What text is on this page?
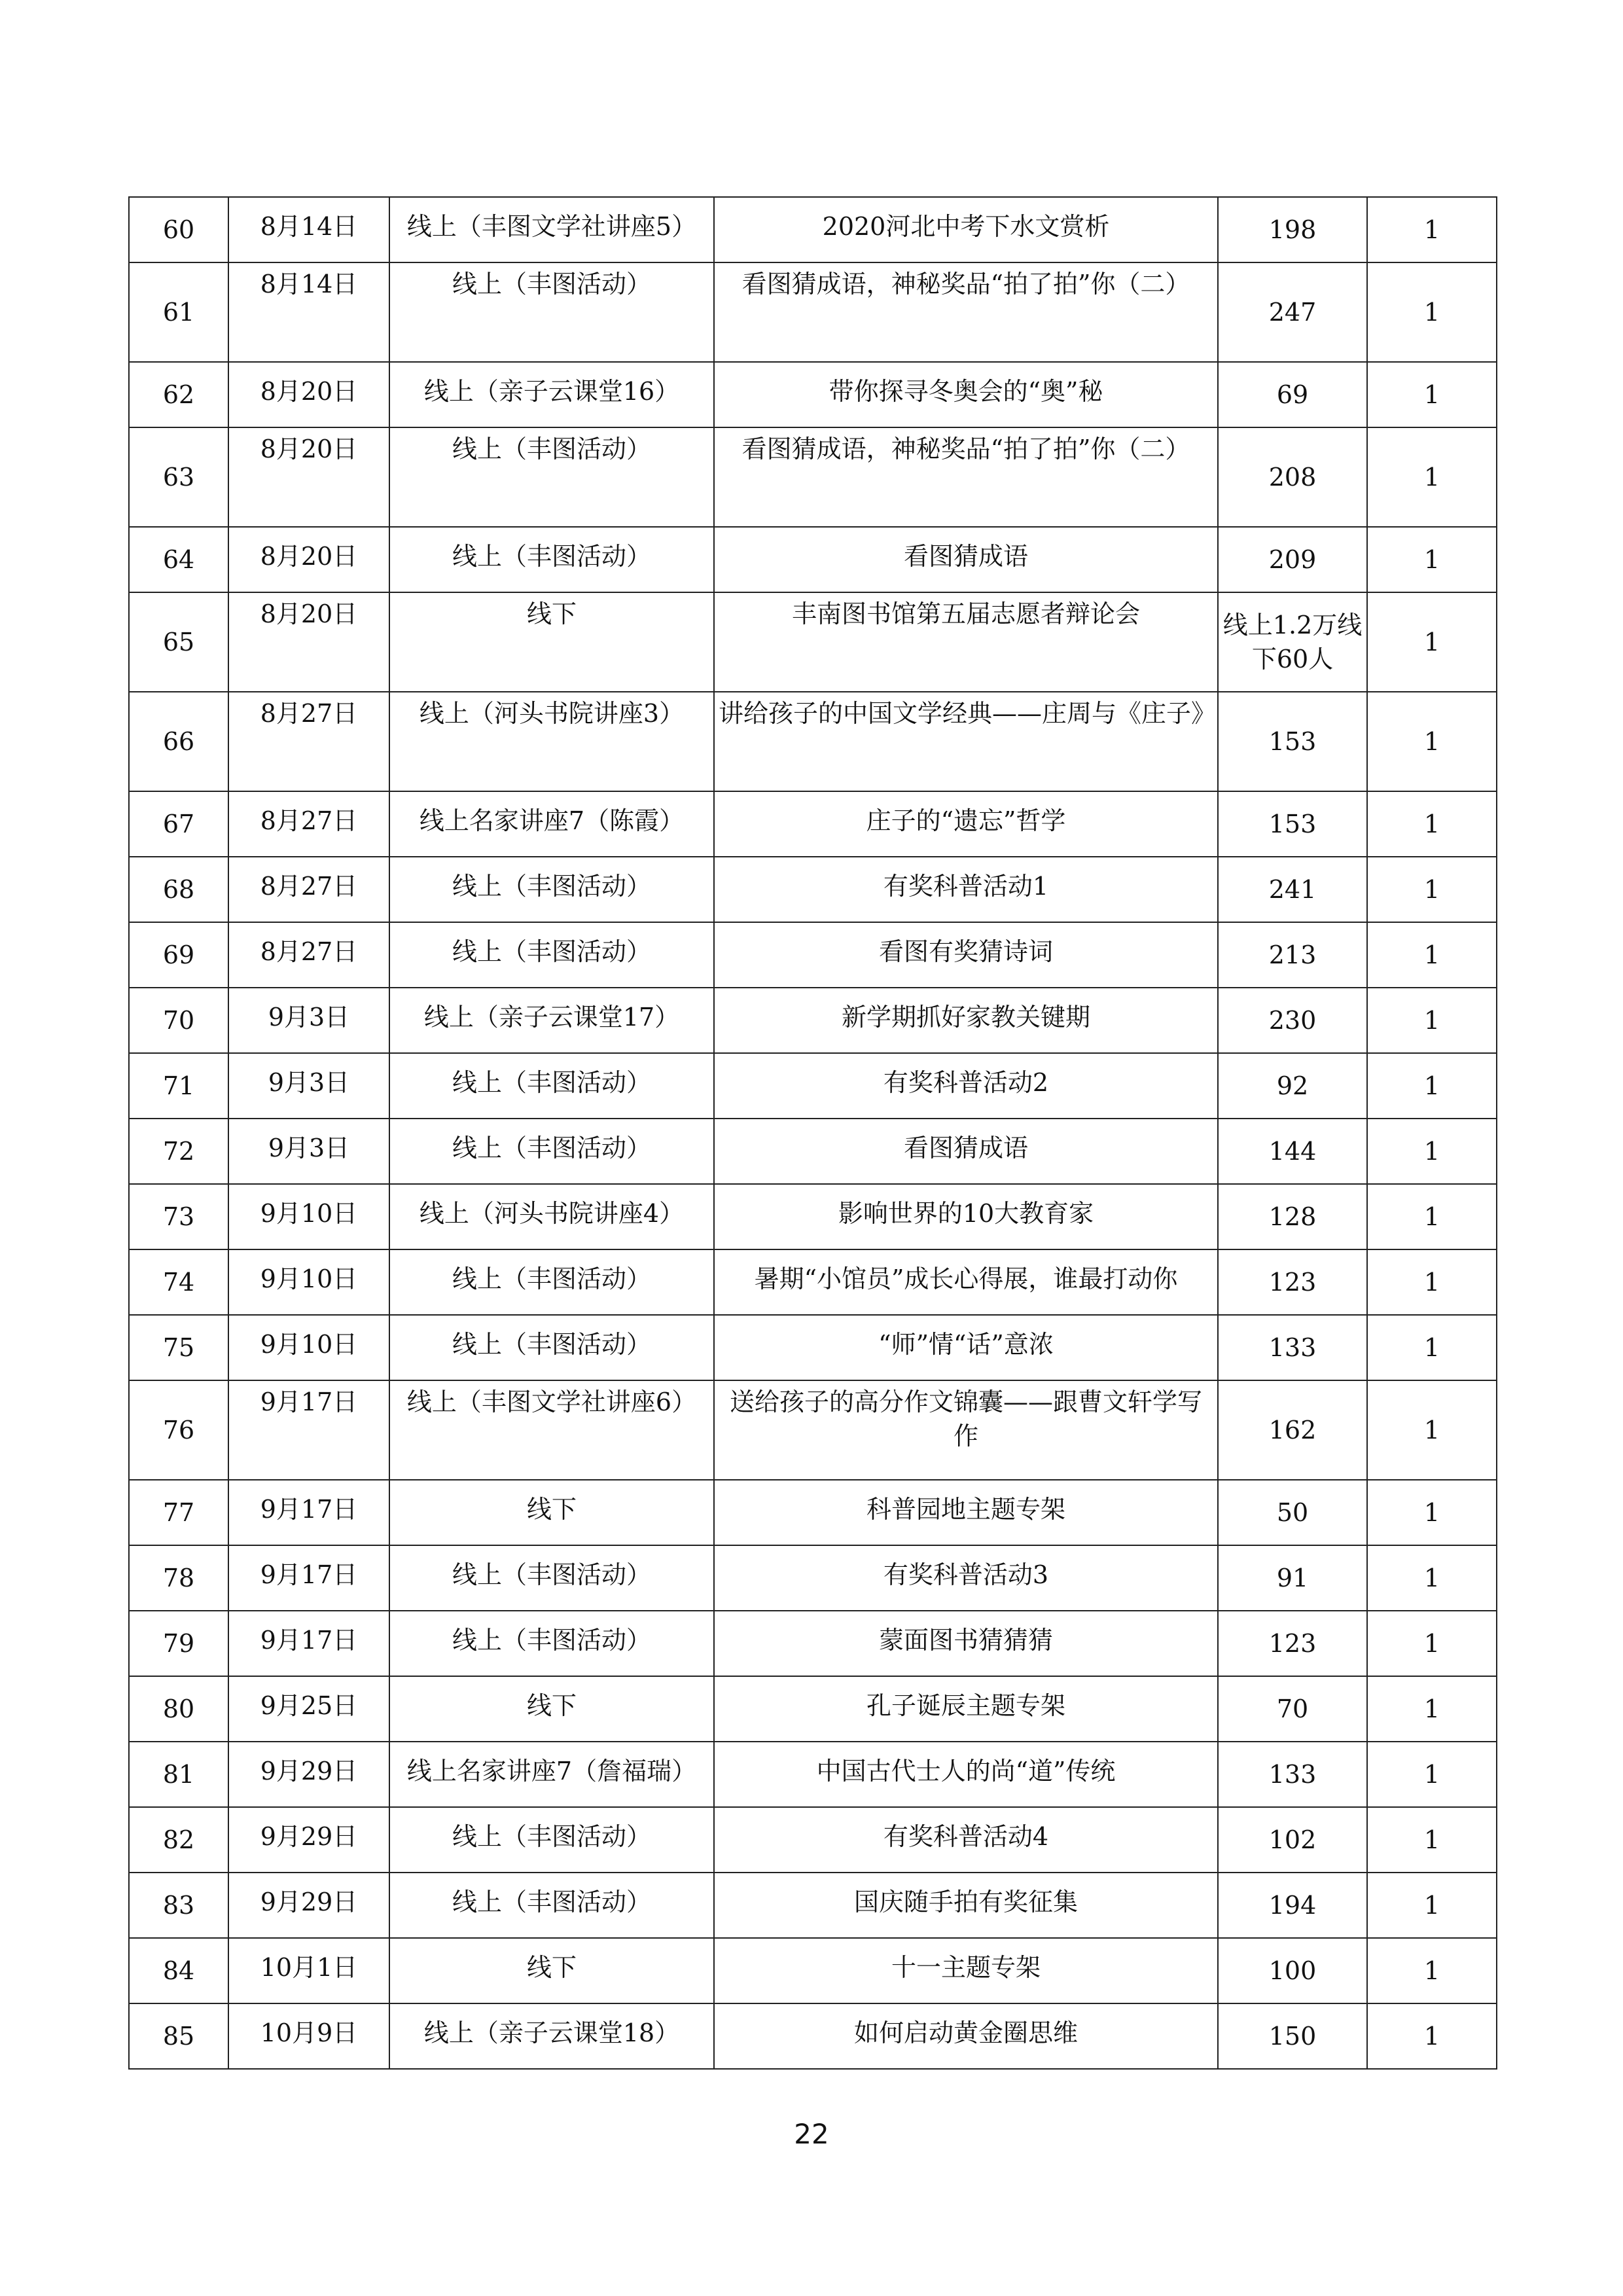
60	8月14日	线上（丰图文学社讲座5）	2020河北中考下水文赏析	198	1
61	8月14日	线上（丰图活动）	看图猜成语，神秘奖品“拍了拍”你（二）	247	1
62	8月20日	线上（亲子云课堂16）	带你探寻冬奥会的“奥”秘	69	1
63	8月20日	线上（丰图活动）	看图猜成语，神秘奖品“拍了拍”你（二）	208	1
64	8月20日	线上（丰图活动）	看图猜成语	209	1
65	8月20日	线下	丰南图书馆第五届志愿者辩论会	线上1.2万线下60人	1
66	8月27日	线上（河头书院讲座3）	讲给孩子的中国文学经典——庄周与《庄子》	153	1
67	8月27日	线上名家讲座7（陈霞）	庄子的“遗忘”哲学	153	1
68	8月27日	线上（丰图活动）	有奖科普活动1	241	1
69	8月27日	线上（丰图活动）	看图有奖猜诗词	213	1
70	9月3日	线上（亲子云课堂17）	新学期抓好家教关键期	230	1
71	9月3日	线上（丰图活动）	有奖科普活动2	92	1
72	9月3日	线上（丰图活动）	看图猜成语	144	1
73	9月10日	线上（河头书院讲座4）	影响世界的10大教育家	128	1
74	9月10日	线上（丰图活动）	暑期“小馆员”成长心得展，谁最打动你	123	1
75	9月10日	线上（丰图活动）	“师”情“话”意浓	133	1
76	9月17日	线上（丰图文学社讲座6）	送给孩子的高分作文锦囊——跟曹文轩学写作	162	1
77	9月17日	线下	科普园地主题专架	50	1
78	9月17日	线上（丰图活动）	有奖科普活动3	91	1
79	9月17日	线上（丰图活动）	蒙面图书猜猜猜	123	1
80	9月25日	线下	孔子诞辰主题专架	70	1
81	9月29日	线上名家讲座7（詹福瑞）	中国古代士人的尚“道”传统	133	1
82	9月29日	线上（丰图活动）	有奖科普活动4	102	1
83	9月29日	线上（丰图活动）	国庆随手拍有奖征集	194	1
84	10月1日	线下	十一主题专架	100	1
85	10月9日	线上（亲子云课堂18）	如何启动黄金圈思维	150	1
22
